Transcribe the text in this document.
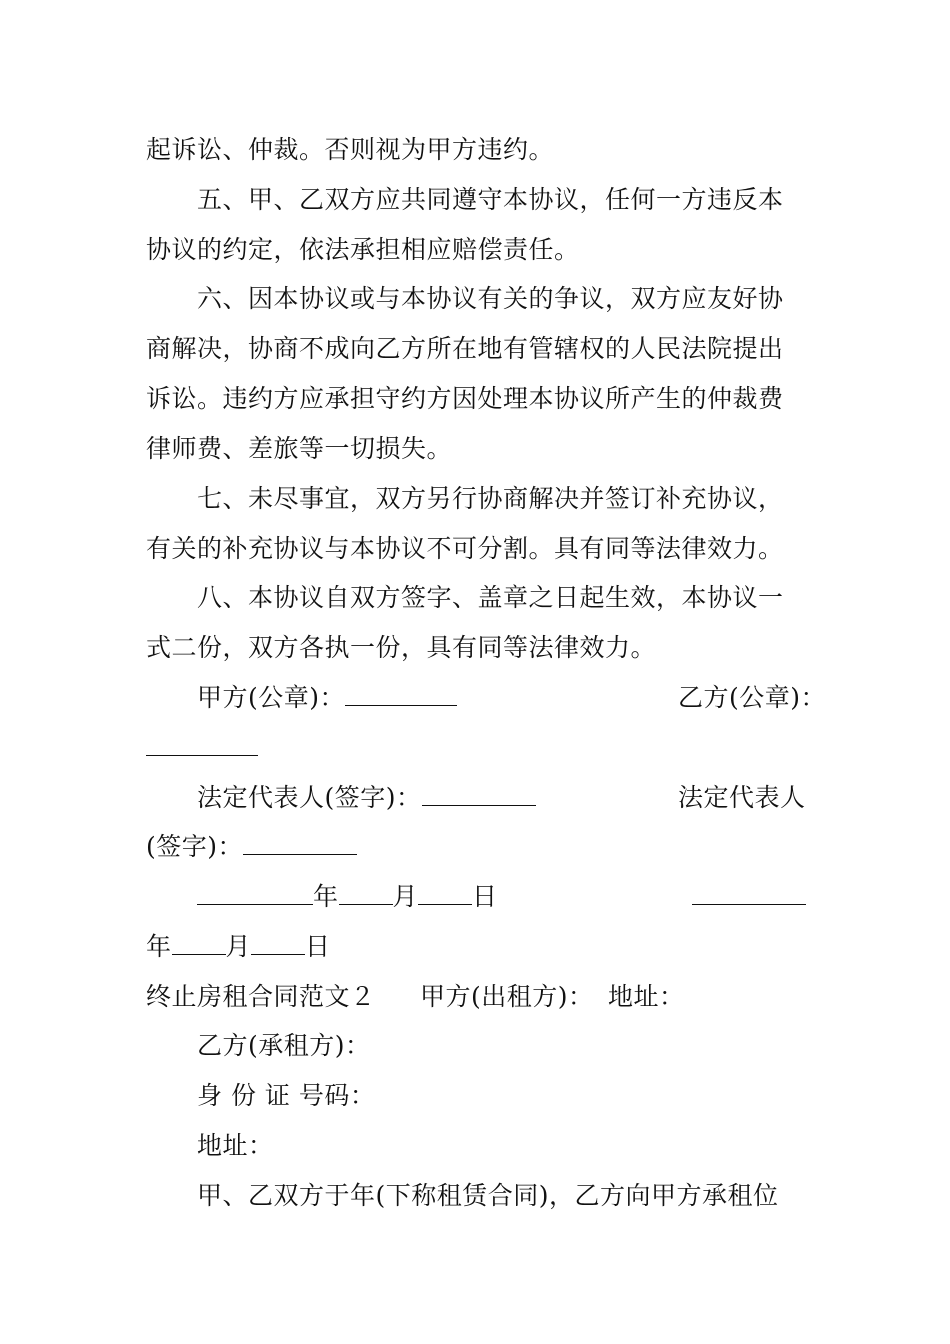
起诉讼、仲裁。否则视为甲方违约。
五、甲、乙双方应共同遵守本协议，任何一方违反本
协议的约定，依法承担相应赔偿责任。
六、因本协议或与本协议有关的争议，双方应友好协
商解决，协商不成向乙方所在地有管辖权的人民法院提出
诉讼。违约方应承担守约方因处理本协议所产生的仲裁费
律师费、差旅等一切损失。
七、未尽事宜，双方另行协商解决并签订补充协议，
有关的补充协议与本协议不可分割。具有同等法律效力。
八、本协议自双方签字、盖章之日起生效，本协议一
式二份，双方各执一份，具有同等法律效力。
甲方(公章)：	乙方(公章)：
法定代表人(签字)：	法定代表人
(签字)：
年 月 日
年 月 日
终止房租合同范文２ 甲方(出租方)： 地址：
乙方(承租方)：
身 份 证 号码：
地址：
甲、乙双方于年(下称租赁合同)，乙方向甲方承租位
